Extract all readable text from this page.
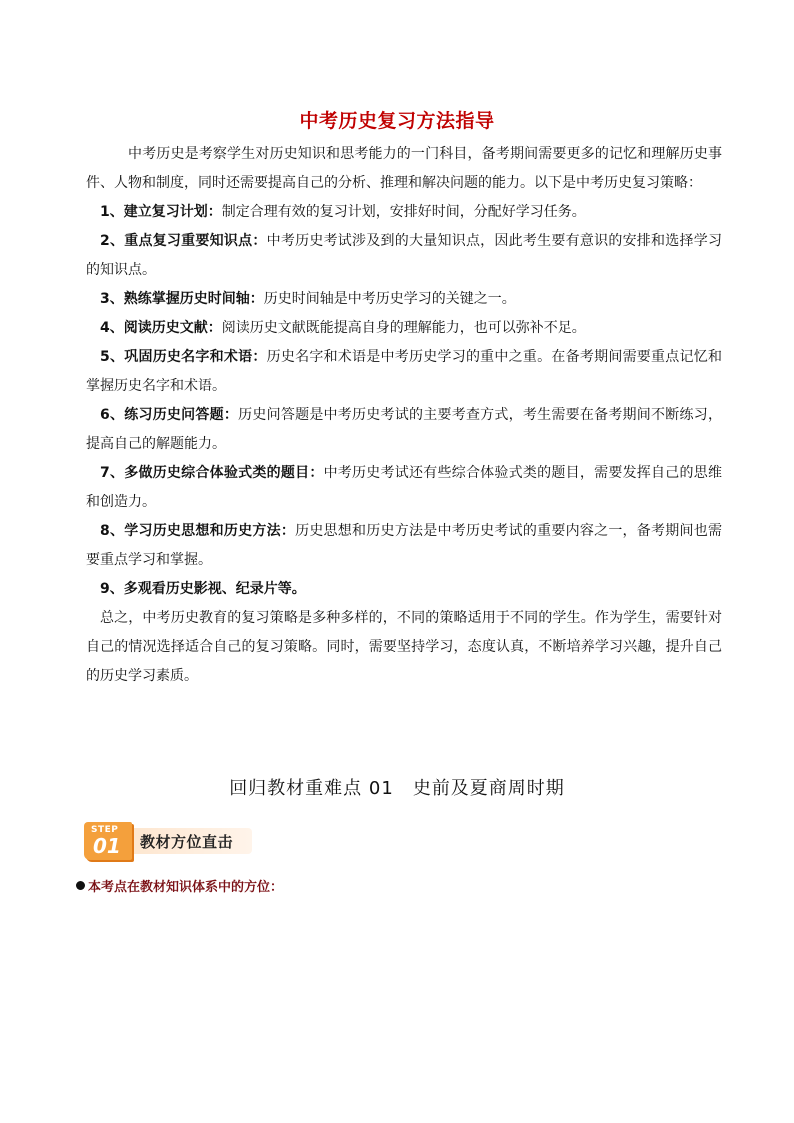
中考历史复习方法指导
中考历史是考察学生对历史知识和思考能力的一门科目，备考期间需要更多的记忆和理解历史事件、人物和制度，同时还需要提高自己的分析、推理和解决问题的能力。以下是中考历史复习策略：
1、建立复习计划：制定合理有效的复习计划，安排好时间，分配好学习任务。
2、重点复习重要知识点：中考历史考试涉及到的大量知识点，因此考生要有意识的安排和选择学习的知识点。
3、熟练掌握历史时间轴：历史时间轴是中考历史学习的关键之一。
4、阅读历史文献：阅读历史文献既能提高自身的理解能力，也可以弥补不足。
5、巩固历史名字和术语：历史名字和术语是中考历史学习的重中之重。在备考期间需要重点记忆和掌握历史名字和术语。
6、练习历史问答题：历史问答题是中考历史考试的主要考查方式，考生需要在备考期间不断练习，提高自己的解题能力。
7、多做历史综合体验式类的题目：中考历史考试还有些综合体验式类的题目，需要发挥自己的思维和创造力。
8、学习历史思想和历史方法：历史思想和历史方法是中考历史考试的重要内容之一，备考期间也需要重点学习和掌握。
9、多观看历史影视、纪录片等。
总之，中考历史教育的复习策略是多种多样的，不同的策略适用于不同的学生。作为学生，需要针对自己的情况选择适合自己的复习策略。同时，需要坚持学习，态度认真，不断培养学习兴趣，提升自己的历史学习素质。
回归教材重难点 01　史前及夏商周时期
教材方位直击
STEP
01
本考点在教材知识体系中的方位：
